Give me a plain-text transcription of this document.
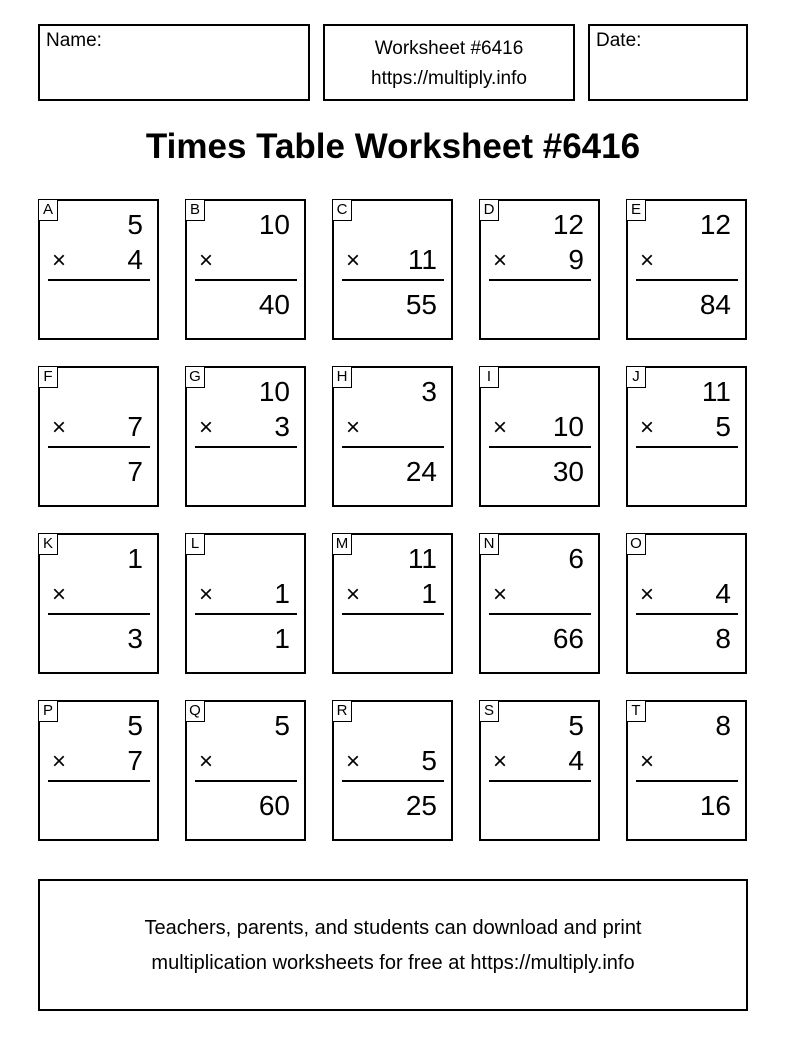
Name:	Worksheet #6416
https://multiply.info
Date:
Times Table Worksheet #6416
A	5
× 4
B 10
×
40
C
× 11
55
D 12
× 9
E 12
×
84
F
× 7
7
G 10
× 3
H	3
×
24
I
× 10
30
J 11
× 5
K	1
×
3
L
× 1
1
M 11
× 1
N	6
×
66
O
× 4
8
P	5
× 7
Q	5
×
60
R
× 5
25
S	5
× 4
T	8
×
16
Teachers, parents, and students can download and print
multiplication worksheets for free at https://multiply.info
